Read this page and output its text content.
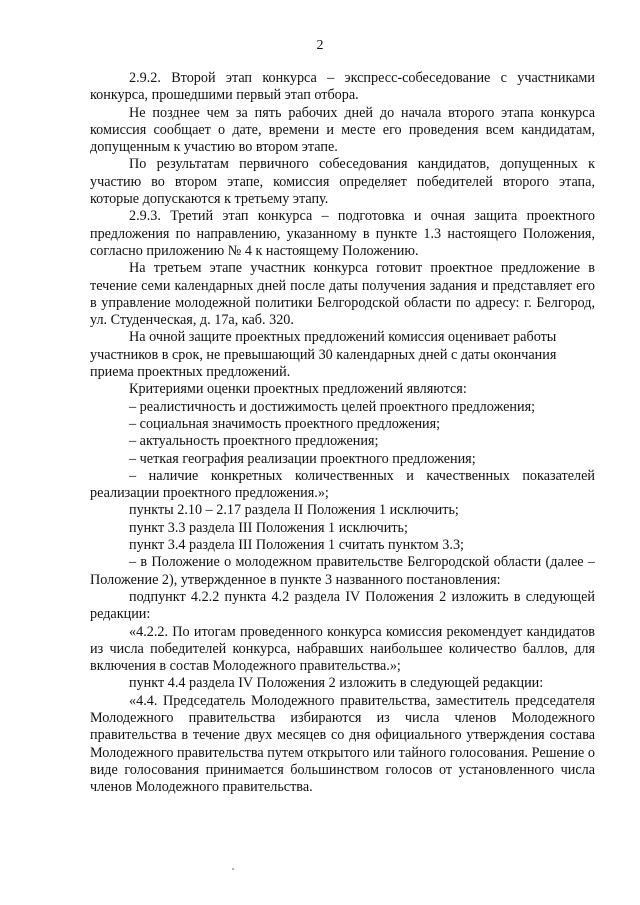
2

2.9.2. Второй этап конкурса – экспресс-собеседование с участниками конкурса, прошедшими первый этап отбора.

Не позднее чем за пять рабочих дней до начала второго этапа конкурса комиссия сообщает о дате, времени и месте его проведения всем кандидатам, допущенным к участию во втором этапе.

По результатам первичного собеседования кандидатов, допущенных к участию во втором этапе, комиссия определяет победителей второго этапа, которые допускаются к третьему этапу.

2.9.3. Третий этап конкурса – подготовка и очная защита проектного предложения по направлению, указанному в пункте 1.3 настоящего Положения, согласно приложению № 4 к настоящему Положению.

На третьем этапе участник конкурса готовит проектное предложение в течение семи календарных дней после даты получения задания и представляет его в управление молодежной политики Белгородской области по адресу: г. Белгород, ул. Студенческая, д. 17а, каб. 320.

На очной защите проектных предложений комиссия оценивает работы участников в срок, не превышающий 30 календарных дней с даты окончания приема проектных предложений.

Критериями оценки проектных предложений являются:

– реалистичность и достижимость целей проектного предложения;

– социальная значимость проектного предложения;

– актуальность проектного предложения;

– четкая география реализации проектного предложения;

– наличие конкретных количественных и качественных показателей реализации проектного предложения.»;

пункты 2.10 – 2.17 раздела II Положения 1 исключить;

пункт 3.3 раздела III Положения 1 исключить;

пункт 3.4 раздела III Положения 1 считать пунктом 3.3;

– в Положение о молодежном правительстве Белгородской области (далее – Положение 2), утвержденное в пункте 3 названного постановления:

подпункт 4.2.2 пункта 4.2 раздела IV Положения 2 изложить в следующей редакции:

«4.2.2. По итогам проведенного конкурса комиссия рекомендует кандидатов из числа победителей конкурса, набравших наибольшее количество баллов, для включения в состав Молодежного правительства.»;

пункт 4.4 раздела IV Положения 2 изложить в следующей редакции:

«4.4. Председатель Молодежного правительства, заместитель председателя Молодежного правительства избираются из числа членов Молодежного правительства в течение двух месяцев со дня официального утверждения состава Молодежного правительства путем открытого или тайного голосования. Решение о виде голосования принимается большинством голосов от установленного числа членов Молодежного правительства.
